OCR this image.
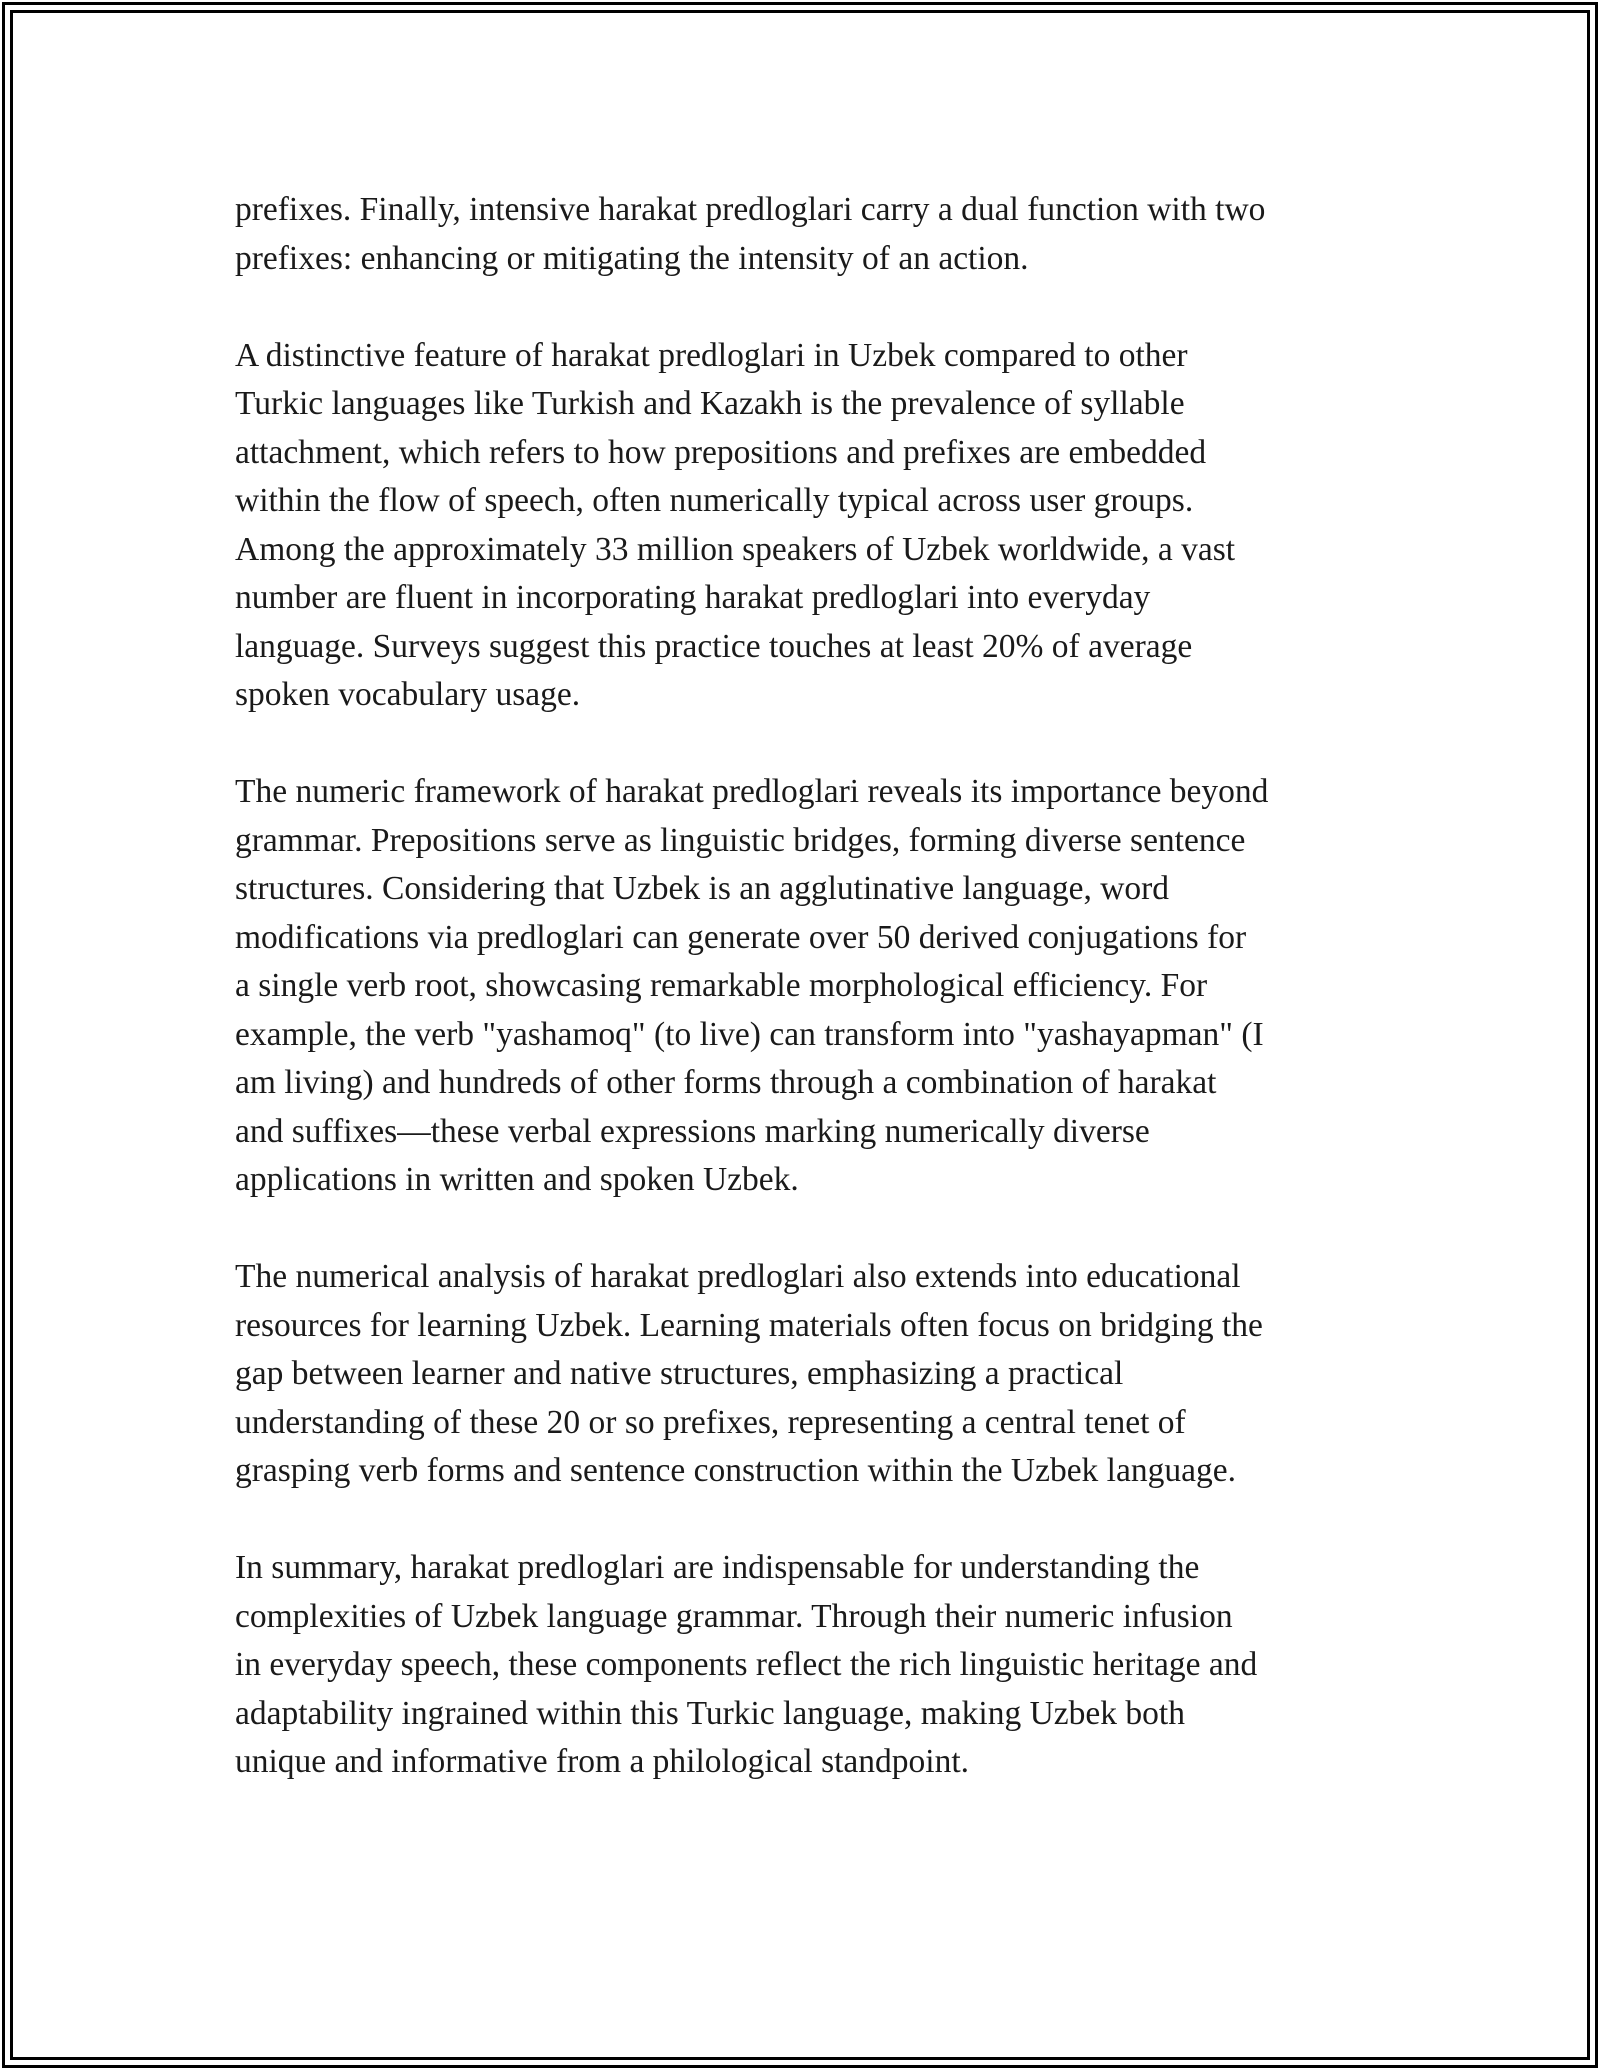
prefixes. Finally, intensive harakat predloglari carry a dual function with two
prefixes: enhancing or mitigating the intensity of an action.

A distinctive feature of harakat predloglari in Uzbek compared to other
Turkic languages like Turkish and Kazakh is the prevalence of syllable
attachment, which refers to how prepositions and prefixes are embedded
within the flow of speech, often numerically typical across user groups.
Among the approximately 33 million speakers of Uzbek worldwide, a vast
number are fluent in incorporating harakat predloglari into everyday
language. Surveys suggest this practice touches at least 20% of average
spoken vocabulary usage.

The numeric framework of harakat predloglari reveals its importance beyond
grammar. Prepositions serve as linguistic bridges, forming diverse sentence
structures. Considering that Uzbek is an agglutinative language, word
modifications via predloglari can generate over 50 derived conjugations for
a single verb root, showcasing remarkable morphological efficiency. For
example, the verb "yashamoq" (to live) can transform into "yashayapman" (I
am living) and hundreds of other forms through a combination of harakat
and suffixes—these verbal expressions marking numerically diverse
applications in written and spoken Uzbek.

The numerical analysis of harakat predloglari also extends into educational
resources for learning Uzbek. Learning materials often focus on bridging the
gap between learner and native structures, emphasizing a practical
understanding of these 20 or so prefixes, representing a central tenet of
grasping verb forms and sentence construction within the Uzbek language.

In summary, harakat predloglari are indispensable for understanding the
complexities of Uzbek language grammar. Through their numeric infusion
in everyday speech, these components reflect the rich linguistic heritage and
adaptability ingrained within this Turkic language, making Uzbek both
unique and informative from a philological standpoint.
